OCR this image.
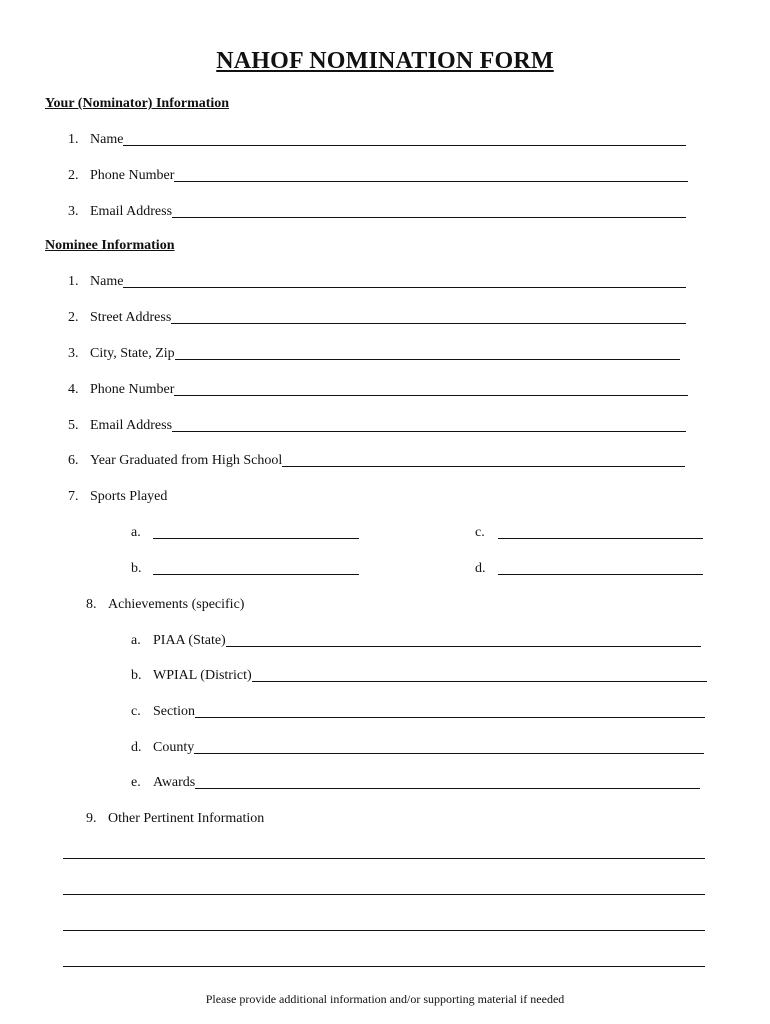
NAHOF NOMINATION FORM
Your (Nominator) Information
1. Name
2. Phone Number
3. Email Address
Nominee Information
1. Name
2. Street Address
3. City, State, Zip
4. Phone Number
5. Email Address
6. Year Graduated from High School
7. Sports Played
a.
b.
c.
d.
8. Achievements (specific)
a. PIAA (State)
b. WPIAL (District)
c. Section
d. County
e. Awards
9. Other Pertinent Information
Please provide additional information and/or supporting material if needed
